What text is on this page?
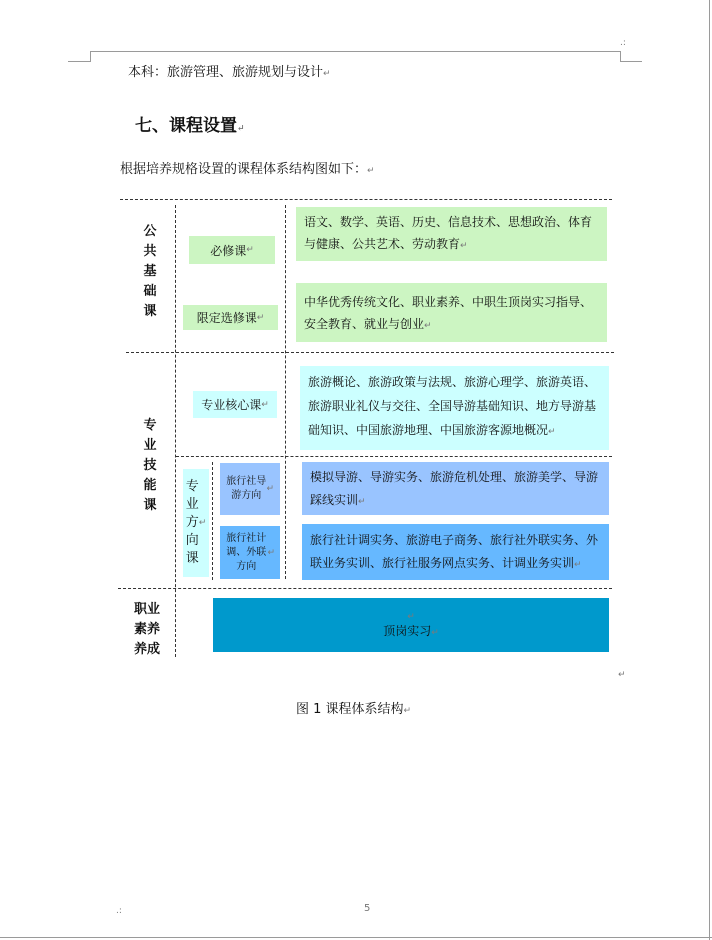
本科：旅游管理、旅游规划与设计↵
七、课程设置↵
根据培养规格设置的课程体系结构图如下：↵
公共基础课
专业技能课
职业素养养成
必修课 ↵
语文、数学、英语、历史、信息技术、思想政治、体育与健康、公共艺术、劳动教育↵
限定选修课 ↵
中华优秀传统文化、职业素养、中职生顶岗实习指导、安全教育、就业与创业↵
专业核心课 ↵
旅游概论、旅游政策与法规、旅游心理学、旅游英语、旅游职业礼仪与交往、全国导游基础知识、地方导游基础知识、中国旅游地理、中国旅游客源地概况↵
专业方向课
↵
旅行社导游方向
↵
模拟导游、导游实务、旅游危机处理、旅游美学、导游踩线实训↵
旅行社计调、外联方向
↵
旅行社计调实务、旅游电子商务、旅行社外联实务、外联业务实训、旅行社服务网点实务、计调业务实训↵
↵
顶岗实习↵
↵
图 1 课程体系结构↵
5
.:
.:
